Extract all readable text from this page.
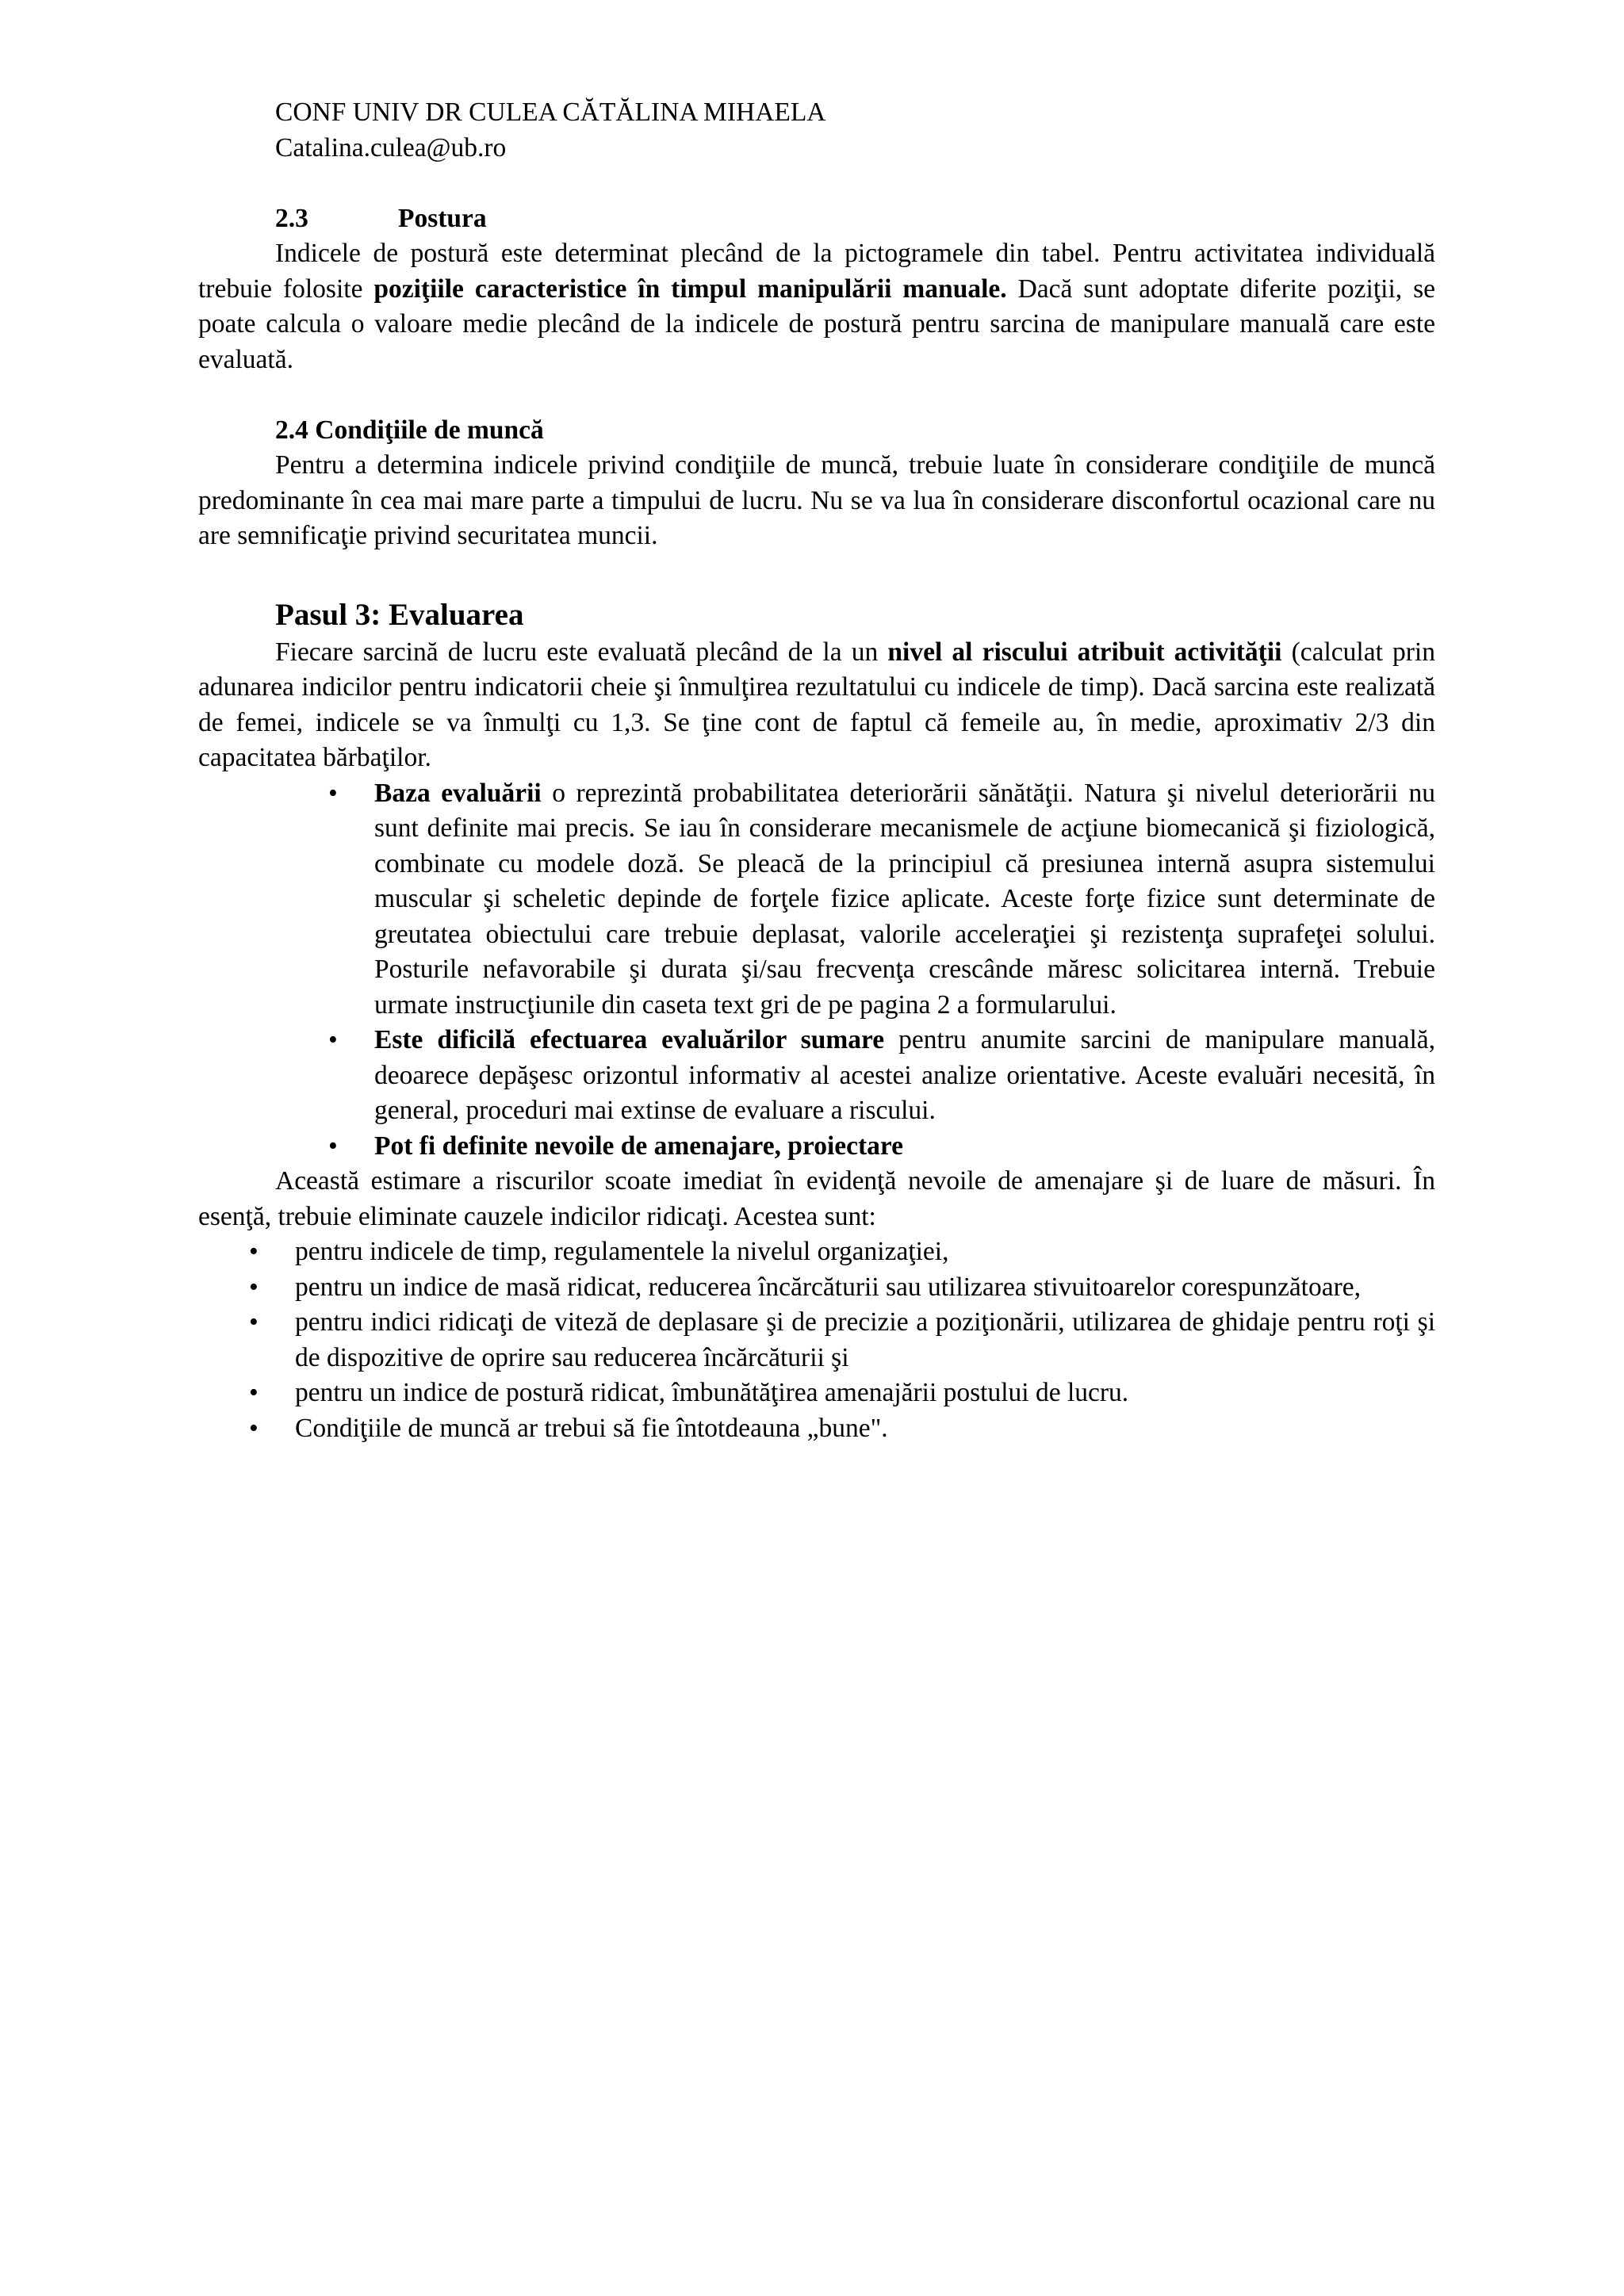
CONF UNIV DR CULEA CĂTĂLINA MIHAELA

Catalina.culea@ub.ro

2.3	Postura

Indicele de postură este determinat plecând de la pictogramele din tabel. Pentru activitatea individuală trebuie folosite poziţiile caracteristice în timpul manipulării manuale. Dacă sunt adoptate diferite poziţii, se poate calcula o valoare medie plecând de la indicele de postură pentru sarcina de manipulare manuală care este evaluată.

2.4 Condiţiile de muncă

Pentru a determina indicele privind condiţiile de muncă, trebuie luate în considerare condiţiile de muncă predominante în cea mai mare parte a timpului de lucru. Nu se va lua în considerare disconfortul ocazional care nu are semnificaţie privind securitatea muncii.

Pasul 3: Evaluarea

Fiecare sarcină de lucru este evaluată plecând de la un nivel al riscului atribuit activităţii (calculat prin adunarea indicilor pentru indicatorii cheie şi înmulţirea rezultatului cu indicele de timp). Dacă sarcina este realizată de femei, indicele se va înmulţi cu 1,3. Se ţine cont de faptul că femeile au, în medie, aproximativ 2/3 din capacitatea bărbaţilor.

• Baza evaluării o reprezintă probabilitatea deteriorării sănătăţii. Natura şi nivelul deteriorării nu sunt definite mai precis. Se iau în considerare mecanismele de acţiune biomecanică şi fiziologică, combinate cu modele doză. Se pleacă de la principiul că presiunea internă asupra sistemului muscular şi scheletic depinde de forţele fizice aplicate. Aceste forţe fizice sunt determinate de greutatea obiectului care trebuie deplasat, valorile acceleraţiei şi rezistenţa suprafeţei solului. Posturile nefavorabile şi durata şi/sau frecvenţa crescânde măresc solicitarea internă. Trebuie urmate instrucţiunile din caseta text gri de pe pagina 2 a formularului.
• Este dificilă efectuarea evaluărilor sumare pentru anumite sarcini de manipulare manuală, deoarece depăşesc orizontul informativ al acestei analize orientative. Aceste evaluări necesită, în general, proceduri mai extinse de evaluare a riscului.
• Pot fi definite nevoile de amenajare, proiectare

Această estimare a riscurilor scoate imediat în evidenţă nevoile de amenajare şi de luare de măsuri. În esenţă, trebuie eliminate cauzele indicilor ridicaţi. Acestea sunt:

• pentru indicele de timp, regulamentele la nivelul organizaţiei,
• pentru un indice de masă ridicat, reducerea încărcăturii sau utilizarea stivuitoarelor corespunzătoare,
• pentru indici ridicaţi de viteză de deplasare şi de precizie a poziţionării, utilizarea de ghidaje pentru roţi şi de dispozitive de oprire sau reducerea încărcăturii şi
• pentru un indice de postură ridicat, îmbunătăţirea amenajării postului de lucru.
• Condiţiile de muncă ar trebui să fie întotdeauna „bune".
